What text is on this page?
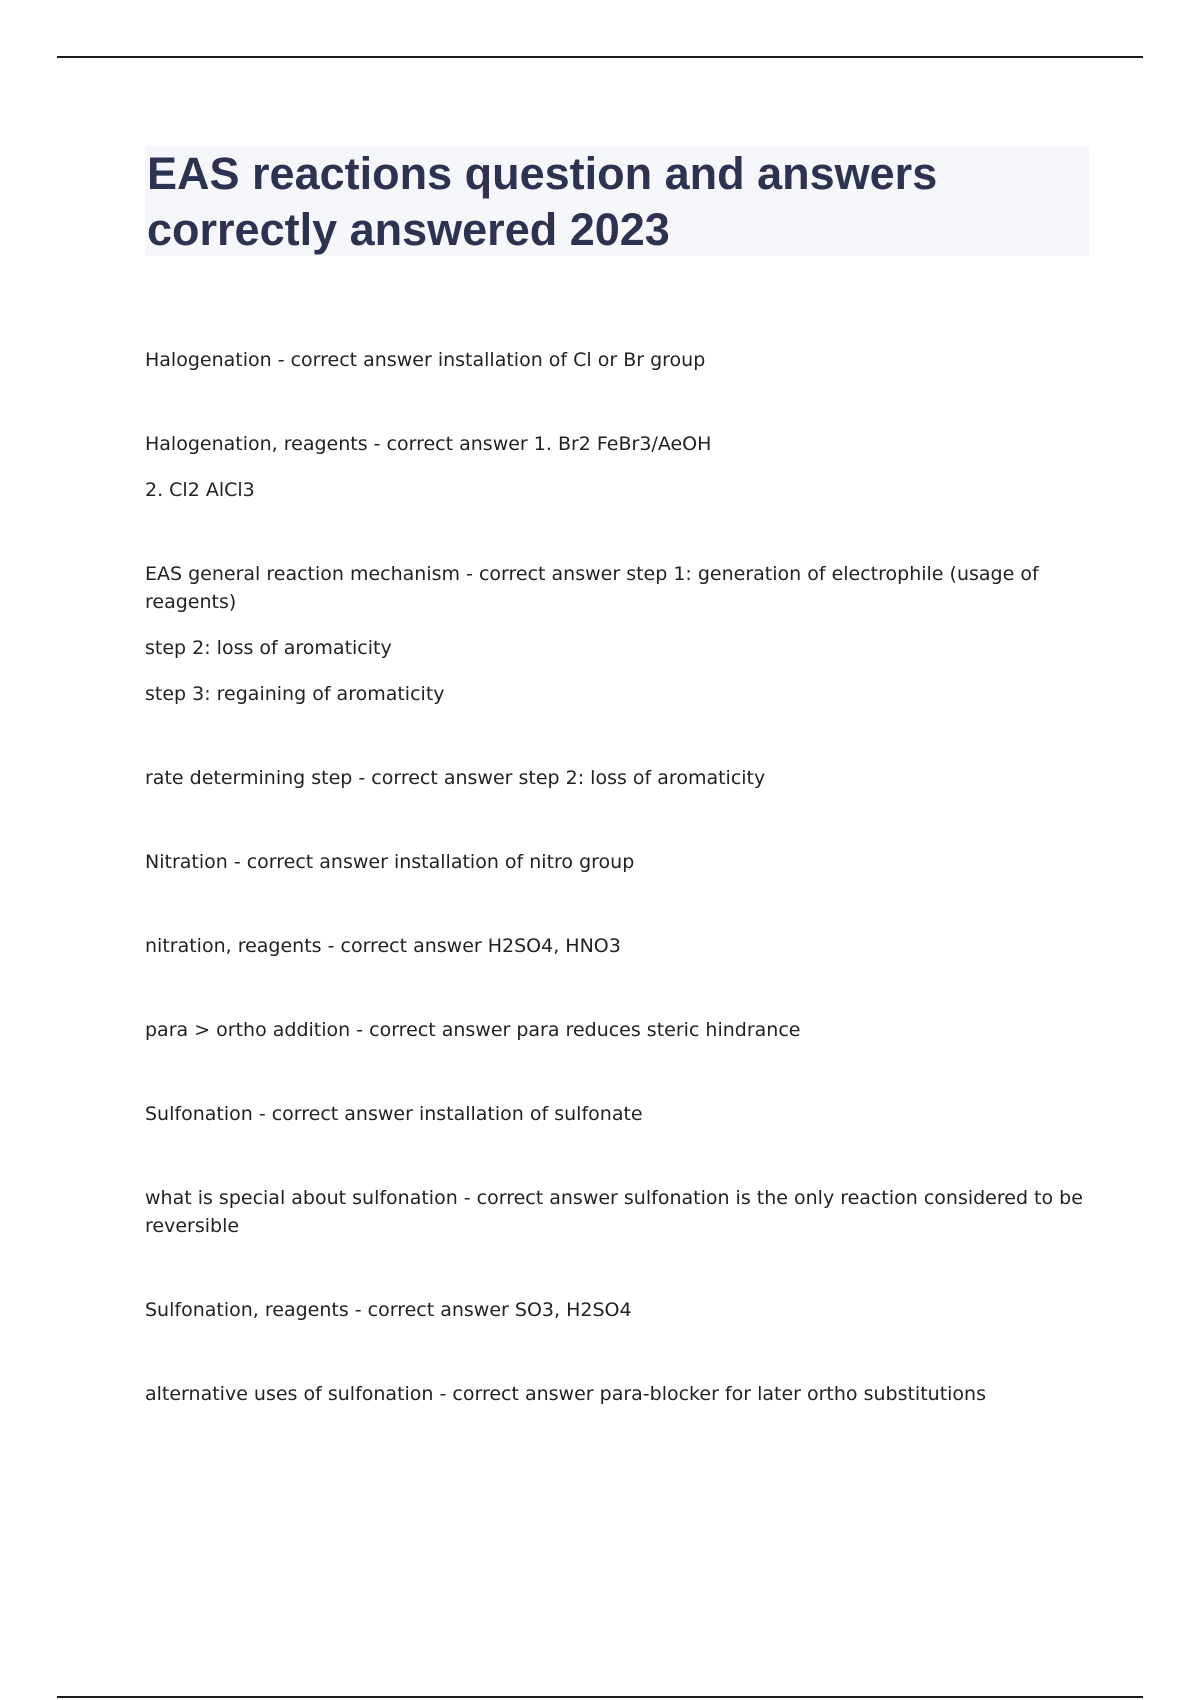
EAS reactions question and answers
correctly answered 2023
Halogenation - correct answer installation of Cl or Br group
Halogenation, reagents - correct answer 1. Br2 FeBr3/AeOH
2. Cl2 AlCl3
EAS general reaction mechanism - correct answer step 1: generation of electrophile (usage of reagents)
step 2: loss of aromaticity
step 3: regaining of aromaticity
rate determining step - correct answer step 2: loss of aromaticity
Nitration - correct answer installation of nitro group
nitration, reagents - correct answer H2SO4, HNO3
para > ortho addition - correct answer para reduces steric hindrance
Sulfonation - correct answer installation of sulfonate
what is special about sulfonation - correct answer sulfonation is the only reaction considered to be
reversible
Sulfonation, reagents - correct answer SO3, H2SO4
alternative uses of sulfonation - correct answer para-blocker for later ortho substitutions
